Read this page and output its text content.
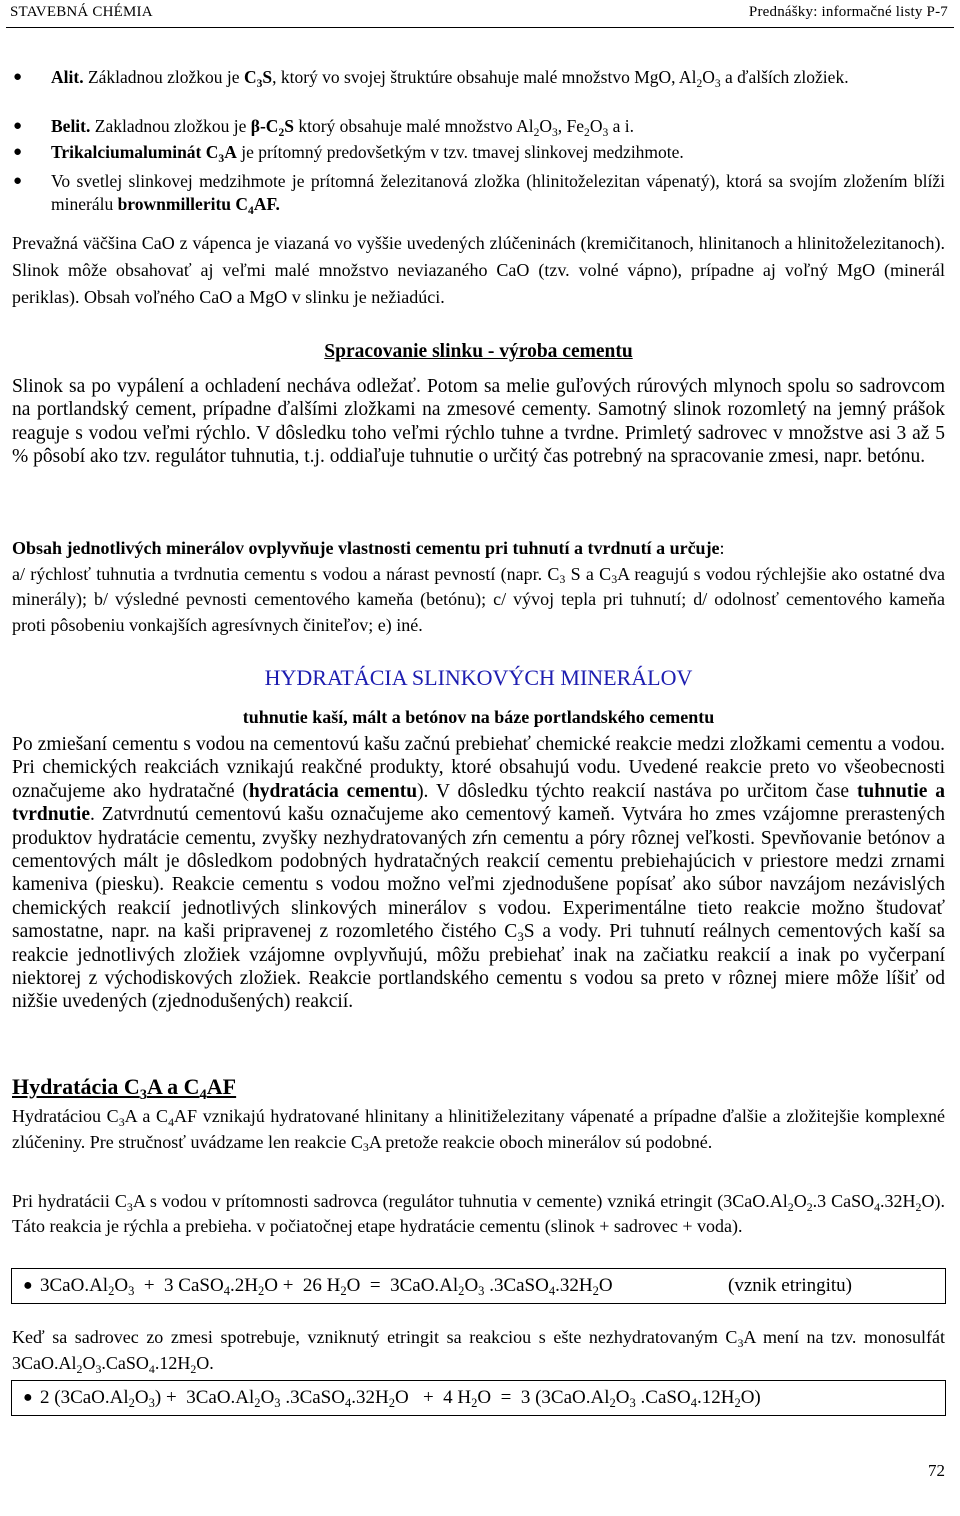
STAVEBNÁ CHÉMIA	Prednášky: informačné listy P-7
● Alit. Základnou zložkou je $C_3S$, ktorý vo svojej štruktúre obsahuje malé množstvo MgO, $Al_2O_3$ a ďalších zložiek.
● Belit. Zakladnou zložkou je $\beta-C_2S$ ktorý obsahuje malé množstvo $Al_2O_3$, $Fe_2O_3$ a i.
● Trikalciumaluminát $C_3A$ je prítomný predovšetkým v tzv. tmavej slinkovej medzihmote.
● Vo svetlej slinkovej medzihmote je prítomná železitanová zložka (hlinitoželezitan vápenatý), ktorá sa svojím zložením blíži minerálu brownmilleritu $C_4AF$.
Prevažná väčšina CaO z vápenca je viazaná vo vyššie uvedených zlúčeninách (kremičitanoch, hlinitanoch a hlinitoželezitanoch). Slinok môže obsahovať aj veľmi malé množstvo neviazaného CaO (tzv. volné vápno), prípadne aj voľný MgO (minerál periklas). Obsah voľného CaO a MgO v slinku je nežiadúci.
Spracovanie slinku - výroba cementu
Slinok sa po vypálení a ochladení necháva odležať. Potom sa melie guľových rúrových mlynoch spolu so sadrovcom na portlandský cement, prípadne ďalšími zložkami na zmesové cementy. Samotný slinok rozomletý na jemný prášok reaguje s vodou veľmi rýchlo. V dôsledku toho veľmi rýchlo tuhne a tvrdne. Primletý sadrovec v množstve asi 3 až 5 % pôsobí ako tzv. regulátor tuhnutia, t.j. oddiaľuje tuhnutie o určitý čas potrebný na spracovanie zmesi, napr. betónu.
Obsah jednotlivých minerálov ovplyvňuje vlastnosti cementu pri tuhnutí a tvrdnutí a určuje:
a/ rýchlosť tuhnutia a tvrdnutia cementu s vodou a nárast pevností (napr. $C_3$ S a $C_3A$ reagujú s vodou rýchlejšie ako ostatné dva minerály); b/ výsledné pevnosti cementového kameňa (betónu); c/ vývoj tepla pri tuhnutí; d/ odolnosť cementového kameňa proti pôsobeniu vonkajších agresívnych činiteľov; e) iné.
HYDRATÁCIA SLINKOVÝCH MINERÁLOV
tuhnutie kaší, mált a betónov na báze portlandského cementu
Po zmiešaní cementu s vodou na cementovú kašu začnú prebiehať chemické reakcie medzi zložkami cementu a vodou. Pri chemických reakciách vznikajú reakčné produkty, ktoré obsahujú vodu. Uvedené reakcie preto vo všeobecnosti označujeme ako hydratačné (hydratácia cementu). V dôsledku týchto reakcií nastáva po určitom čase tuhnutie a tvrdnutie. Zatvrdnutú cementovú kašu označujeme ako cementový kameň. Vytvára ho zmes vzájomne prerastených produktov hydratácie cementu, zvyšky nezhydratovaných zŕn cementu a póry rôznej veľkosti. Spevňovanie betónov a cementových mált je dôsledkom podobných hydratačných reakcií cementu prebiehajúcich v priestore medzi zrnami kameniva (piesku). Reakcie cementu s vodou možno veľmi zjednodušene popísať ako súbor navzájom nezávislých chemických reakcií jednotlivých slinkových minerálov s vodou. Experimentálne tieto reakcie možno študovať samostatne, napr. na kaši pripravenej z rozomletého čistého $C_3S$ a vody. Pri tuhnutí reálnych cementových kaší sa reakcie jednotlivých zložiek vzájomne ovplyvňujú, môžu prebiehať inak na začiatku reakcií a inak po vyčerpaní niektorej z východiskových zložiek. Reakcie portlandského cementu s vodou sa preto v rôznej miere môže líšiť od nižšie uvedených (zjednodušených) reakcií.
Hydratácia $C_3A$ a $C_4AF$
Hydratáciou $C_3A$ a $C_4AF$ vznikajú hydratované hlinitany a hlinitiželezitany vápenaté a prípadne ďalšie a zložitejšie komplexné zlúčeniny. Pre stručnosť uvádzame len reakcie $C_3A$ pretože reakcie oboch minerálov sú podobné.
Pri hydratácii $C_3A$ s vodou v prítomnosti sadrovca (regulátor tuhnutia v cemente) vzniká etringit ($3CaO.Al_2O_2.3$ $CaSO_4.32H_2O$). Táto reakcia je rýchla a prebieha. v počiatočnej etape hydratácie cementu (slinok + sadrovec + voda).
● $3CaO.Al_2O_3 + 3$ $CaSO_4.2H_2O + 26$ $H_2O = 3CaO.Al_2O_3$ $.3CaSO_4.32H_2O$	(vznik etringitu)
Keď sa sadrovec zo zmesi spotrebuje, vzniknutý etringit sa reakciou s ešte nezhydratovaným $C_3A$ mení na tzv. monosulfát $3CaO.Al_2O_3.CaSO_4.12H_2O$.
● 2 $(3CaO.Al_2O_3) + 3CaO.Al_2O_3$ $.3CaSO_4.32H_2O + 4$ $H_2O = 3$ ($3CaO.Al_2O_3$ $.CaSO_4.12H_2O$)
72
